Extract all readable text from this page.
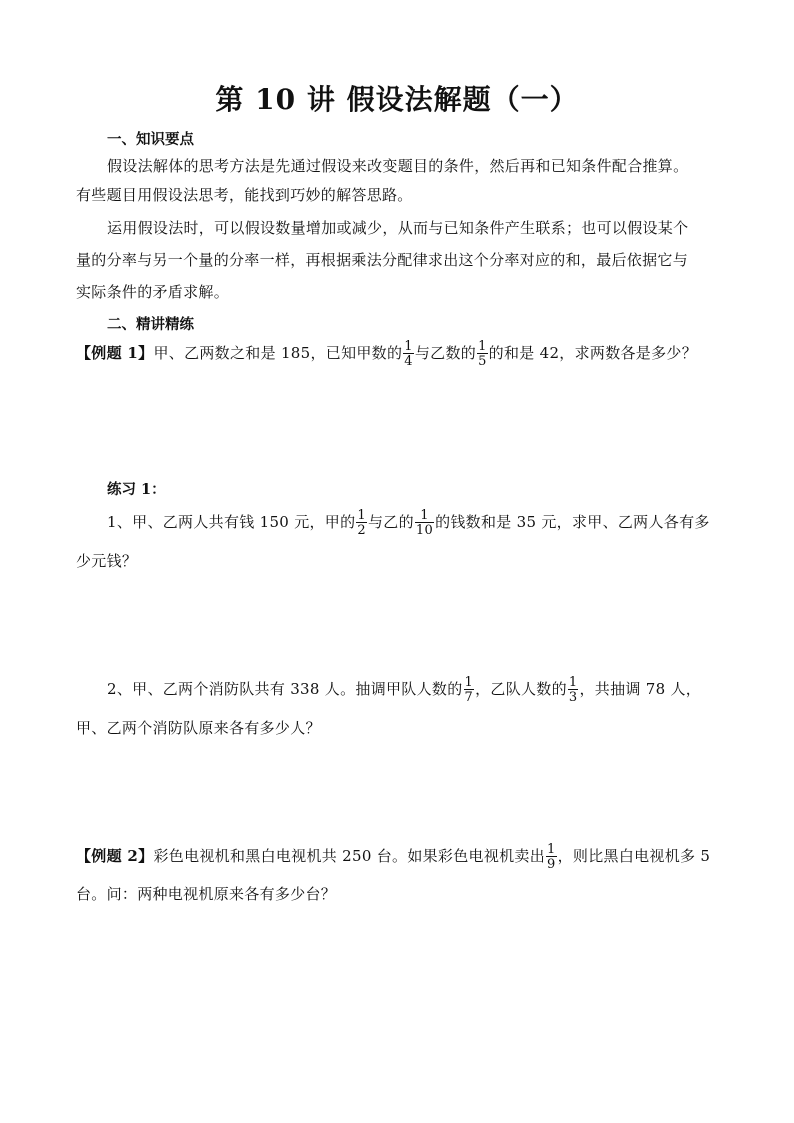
第 10 讲 假设法解题（一）
一、知识要点
假设法解体的思考方法是先通过假设来改变题目的条件，然后再和已知条件配合推算。
有些题目用假设法思考，能找到巧妙的解答思路。
运用假设法时，可以假设数量增加或减少，从而与已知条件产生联系；也可以假设某个
量的分率与另一个量的分率一样，再根据乘法分配律求出这个分率对应的和，最后依据它与
实际条件的矛盾求解。
二、精讲精练
【例题 1】甲、乙两数之和是 185，已知甲数的 $\frac{1}{4}$ 与乙数的 $\frac{1}{5}$ 的和是 42，求两数各是多少？
练习 1：
1、甲、乙两人共有钱 150 元，甲的 $\frac{1}{2}$ 与乙的 $\frac{1}{10}$ 的钱数和是 35 元，求甲、乙两人各有多
少元钱？
2、甲、乙两个消防队共有 338 人。抽调甲队人数的 $\frac{1}{7}$ ，乙队人数的 $\frac{1}{3}$ ，共抽调 78 人，
甲、乙两个消防队原来各有多少人？
【例题 2】彩色电视机和黑白电视机共 250 台。如果彩色电视机卖出 $\frac{1}{9}$ ，则比黑白电视机多 5
台。问：两种电视机原来各有多少台？
